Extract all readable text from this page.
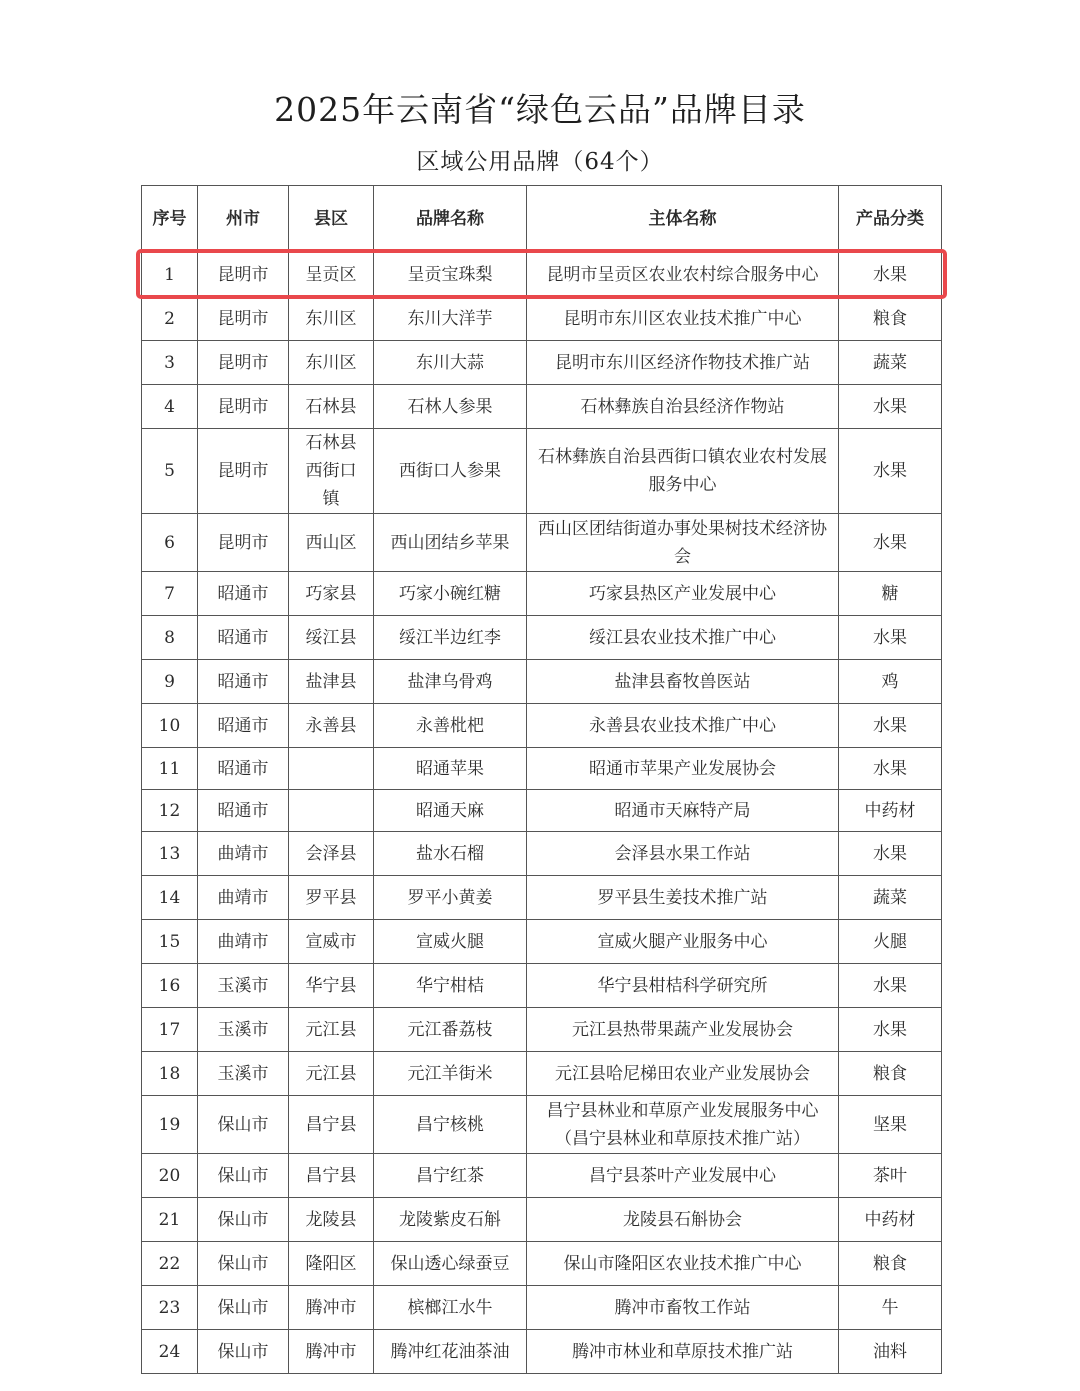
2025年云南省“绿色云品”品牌目录
区域公用品牌（64个）
序号	州市	县区	品牌名称	主体名称	产品分类
1	昆明市	呈贡区	呈贡宝珠梨	昆明市呈贡区农业农村综合服务中心	水果
2	昆明市	东川区	东川大洋芋	昆明市东川区农业技术推广中心	粮食
3	昆明市	东川区	东川大蒜	昆明市东川区经济作物技术推广站	蔬菜
4	昆明市	石林县	石林人参果	石林彝族自治县经济作物站	水果
5	昆明市	石林县西街口镇	西街口人参果	石林彝族自治县西街口镇农业农村发展服务中心	水果
6	昆明市	西山区	西山团结乡苹果	西山区团结街道办事处果树技术经济协会	水果
7	昭通市	巧家县	巧家小碗红糖	巧家县热区产业发展中心	糖
8	昭通市	绥江县	绥江半边红李	绥江县农业技术推广中心	水果
9	昭通市	盐津县	盐津乌骨鸡	盐津县畜牧兽医站	鸡
10	昭通市	永善县	永善枇杷	永善县农业技术推广中心	水果
11	昭通市		昭通苹果	昭通市苹果产业发展协会	水果
12	昭通市		昭通天麻	昭通市天麻特产局	中药材
13	曲靖市	会泽县	盐水石榴	会泽县水果工作站	水果
14	曲靖市	罗平县	罗平小黄姜	罗平县生姜技术推广站	蔬菜
15	曲靖市	宣威市	宣威火腿	宣威火腿产业服务中心	火腿
16	玉溪市	华宁县	华宁柑桔	华宁县柑桔科学研究所	水果
17	玉溪市	元江县	元江番荔枝	元江县热带果蔬产业发展协会	水果
18	玉溪市	元江县	元江羊街米	元江县哈尼梯田农业产业发展协会	粮食
19	保山市	昌宁县	昌宁核桃	昌宁县林业和草原产业发展服务中心（昌宁县林业和草原技术推广站）	坚果
20	保山市	昌宁县	昌宁红茶	昌宁县茶叶产业发展中心	茶叶
21	保山市	龙陵县	龙陵紫皮石斛	龙陵县石斛协会	中药材
22	保山市	隆阳区	保山透心绿蚕豆	保山市隆阳区农业技术推广中心	粮食
23	保山市	腾冲市	槟榔江水牛	腾冲市畜牧工作站	牛
24	保山市	腾冲市	腾冲红花油茶油	腾冲市林业和草原技术推广站	油料
